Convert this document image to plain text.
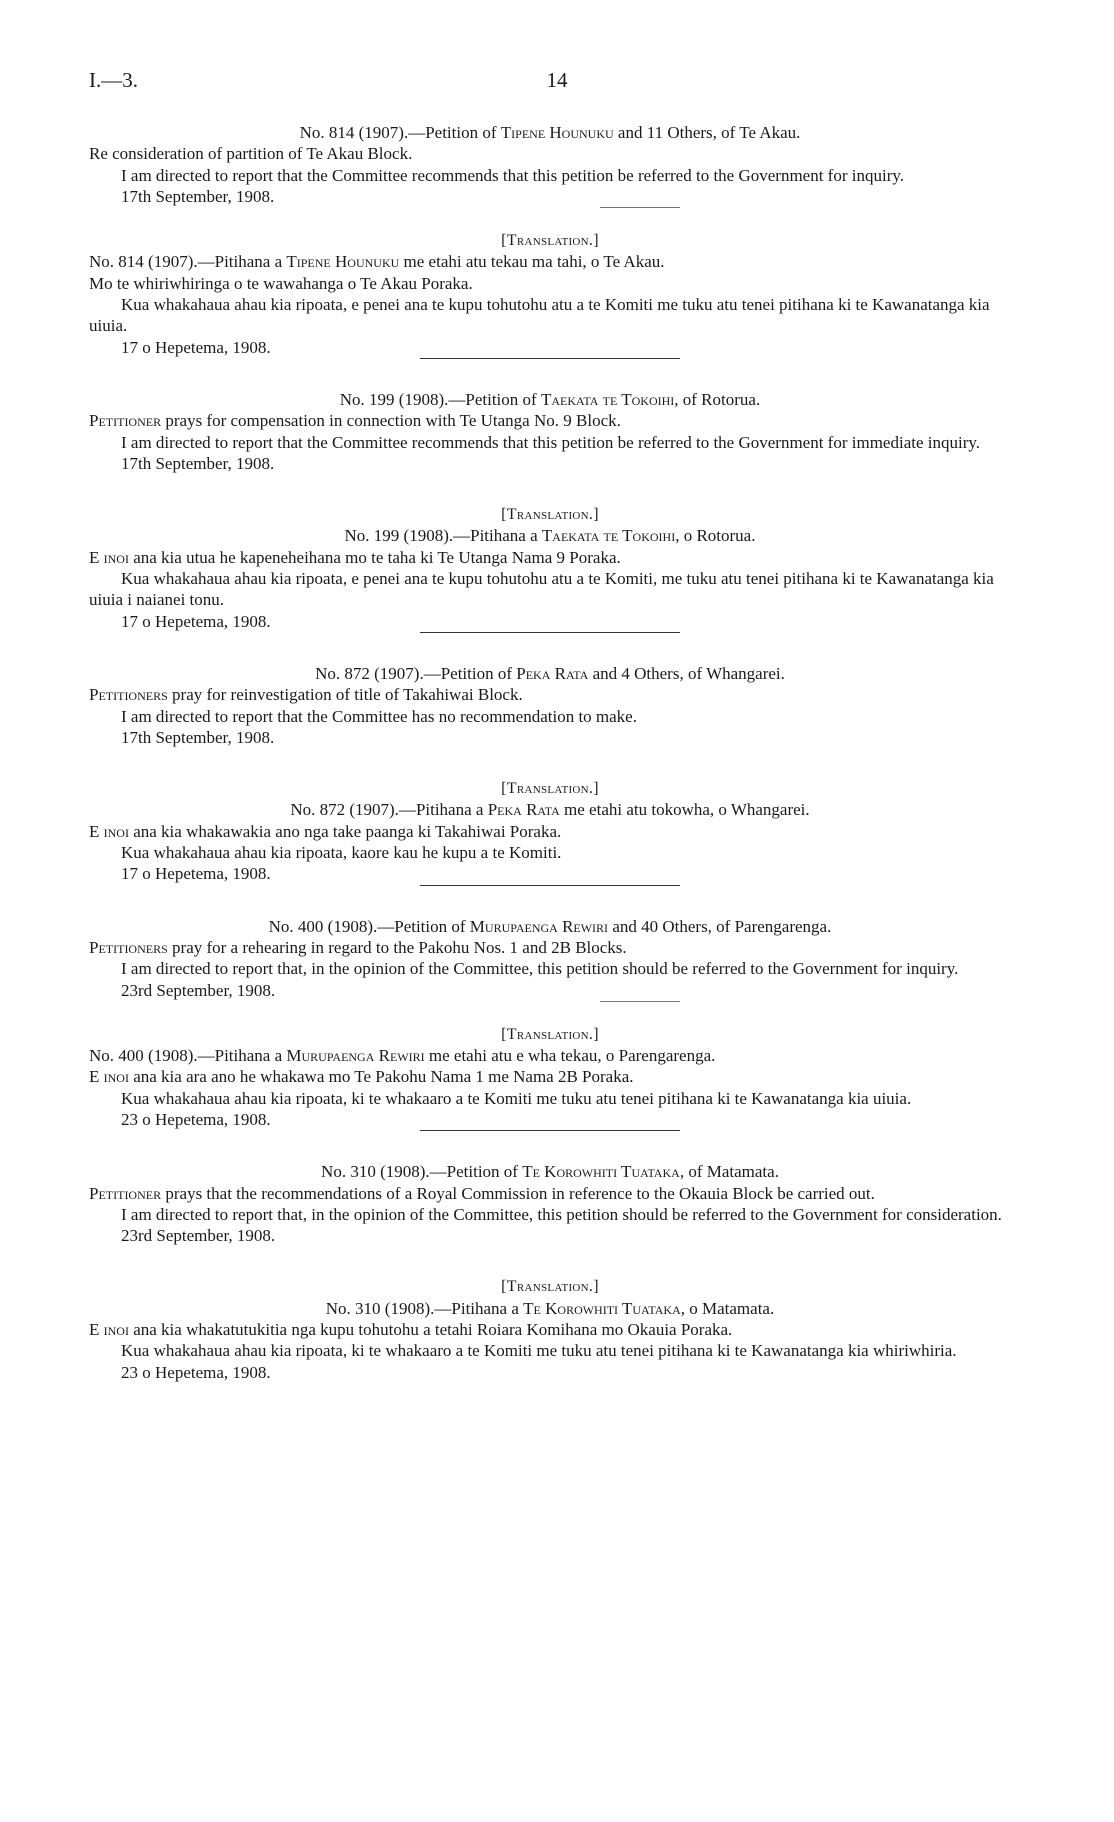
I.—3.	14

No. 814 (1907).—Petition of Tipene Hounuku and 11 Others, of Te Akau.

Re consideration of partition of Te Akau Block.

I am directed to report that the Committee recommends that this petition be referred to the Government for inquiry.

17th September, 1908.

[Translation.]

No. 814 (1907).—Pitihana a Tipene Hounuku me etahi atu tekau ma tahi, o Te Akau.

Mo te whiriwhiringa o te wawahanga o Te Akau Poraka.

Kua whakahaua ahau kia ripoata, e penei ana te kupu tohutohu atu a te Komiti me tuku atu tenei pitihana ki te Kawanatanga kia uiuia.

17 o Hepetema, 1908.

No. 199 (1908).—Petition of Taekata te Tokoihi, of Rotorua.

Petitioner prays for compensation in connection with Te Utanga No. 9 Block.

I am directed to report that the Committee recommends that this petition be referred to the Government for immediate inquiry.

17th September, 1908.

[Translation.]

No. 199 (1908).—Pitihana a Taekata te Tokoihi, o Rotorua.

E inoi ana kia utua he kapeneheihana mo te taha ki Te Utanga Nama 9 Poraka.

Kua whakahaua ahau kia ripoata, e penei ana te kupu tohutohu atu a te Komiti, me tuku atu tenei pitihana ki te Kawanatanga kia uiuia i naianei tonu.

17 o Hepetema, 1908.

No. 872 (1907).—Petition of Peka Rata and 4 Others, of Whangarei.

Petitioners pray for reinvestigation of title of Takahiwai Block.

I am directed to report that the Committee has no recommendation to make.

17th September, 1908.

[Translation.]

No. 872 (1907).—Pitihana a Peka Rata me etahi atu tokowha, o Whangarei.

E inoi ana kia whakawakia ano nga take paanga ki Takahiwai Poraka.

Kua whakahaua ahau kia ripoata, kaore kau he kupu a te Komiti.

17 o Hepetema, 1908.

No. 400 (1908).—Petition of Murupaenga Rewiri and 40 Others, of Parengarenga.

Petitioners pray for a rehearing in regard to the Pakohu Nos. 1 and 2B Blocks.

I am directed to report that, in the opinion of the Committee, this petition should be referred to the Government for inquiry.

23rd September, 1908.

[Translation.]

No. 400 (1908).—Pitihana a Murupaenga Rewiri me etahi atu e wha tekau, o Parengarenga.

E inoi ana kia ara ano he whakawa mo Te Pakohu Nama 1 me Nama 2B Poraka.

Kua whakahaua ahau kia ripoata, ki te whakaaro a te Komiti me tuku atu tenei pitihana ki te Kawanatanga kia uiuia.

23 o Hepetema, 1908.

No. 310 (1908).—Petition of Te Korowhiti Tuataka, of Matamata.

Petitioner prays that the recommendations of a Royal Commission in reference to the Okauia Block be carried out.

I am directed to report that, in the opinion of the Committee, this petition should be referred to the Government for consideration.

23rd September, 1908.

[Translation.]

No. 310 (1908).—Pitihana a Te Korowhiti Tuataka, o Matamata.

E inoi ana kia whakatutukitia nga kupu tohutohu a tetahi Roiara Komihana mo Okauia Poraka.

Kua whakahaua ahau kia ripoata, ki te whakaaro a te Komiti me tuku atu tenei pitihana ki te Kawanatanga kia whiriwhiria.

23 o Hepetema, 1908.
